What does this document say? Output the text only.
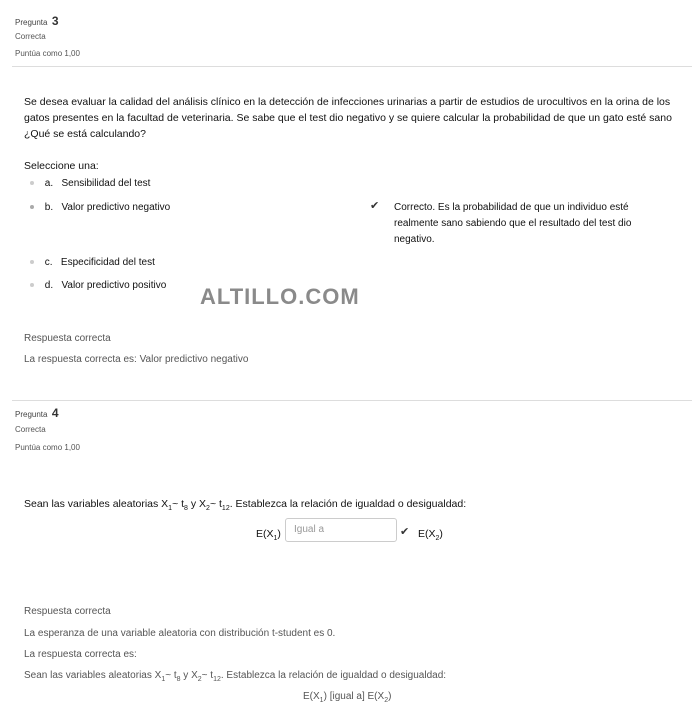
Pregunta 3
Correcta
Puntúa como 1,00
Se desea evaluar la calidad del análisis clínico en la detección de infecciones urinarias a partir de estudios de urocultivos en la orina de los gatos presentes en la facultad de veterinaria. Se sabe que el test dio negativo y se quiere calcular la probabilidad de que un gato esté sano ¿Qué se está calculando?
Seleccione una:
a. Sensibilidad del test
b. Valor predictivo negativo
c. Especificidad del test
d. Valor predictivo positivo
✔ Correcto. Es la probabilidad de que un individuo esté realmente sano sabiendo que el resultado del test dio negativo.
ALTILLO.COM
Respuesta correcta
La respuesta correcta es: Valor predictivo negativo
Pregunta 4
Correcta
Puntúa como 1,00
Sean las variables aleatorias $X_1\sim$ $t_8$ y $X_2\sim$ $t_{12}$. Establezca la relación de igualdad o desigualdad:
$E(X_1)$	Igual a	✔ $E(X_2)$
Respuesta correcta
La esperanza de una variable aleatoria con distribución t-student es 0.
La respuesta correcta es:
Sean las variables aleatorias $X_1\sim$ $t_8$ y $X_2\sim$ $t_{12}$. Establezca la relación de igualdad o desigualdad:
$E(X_1)$ [igual a] $E(X_2)$
